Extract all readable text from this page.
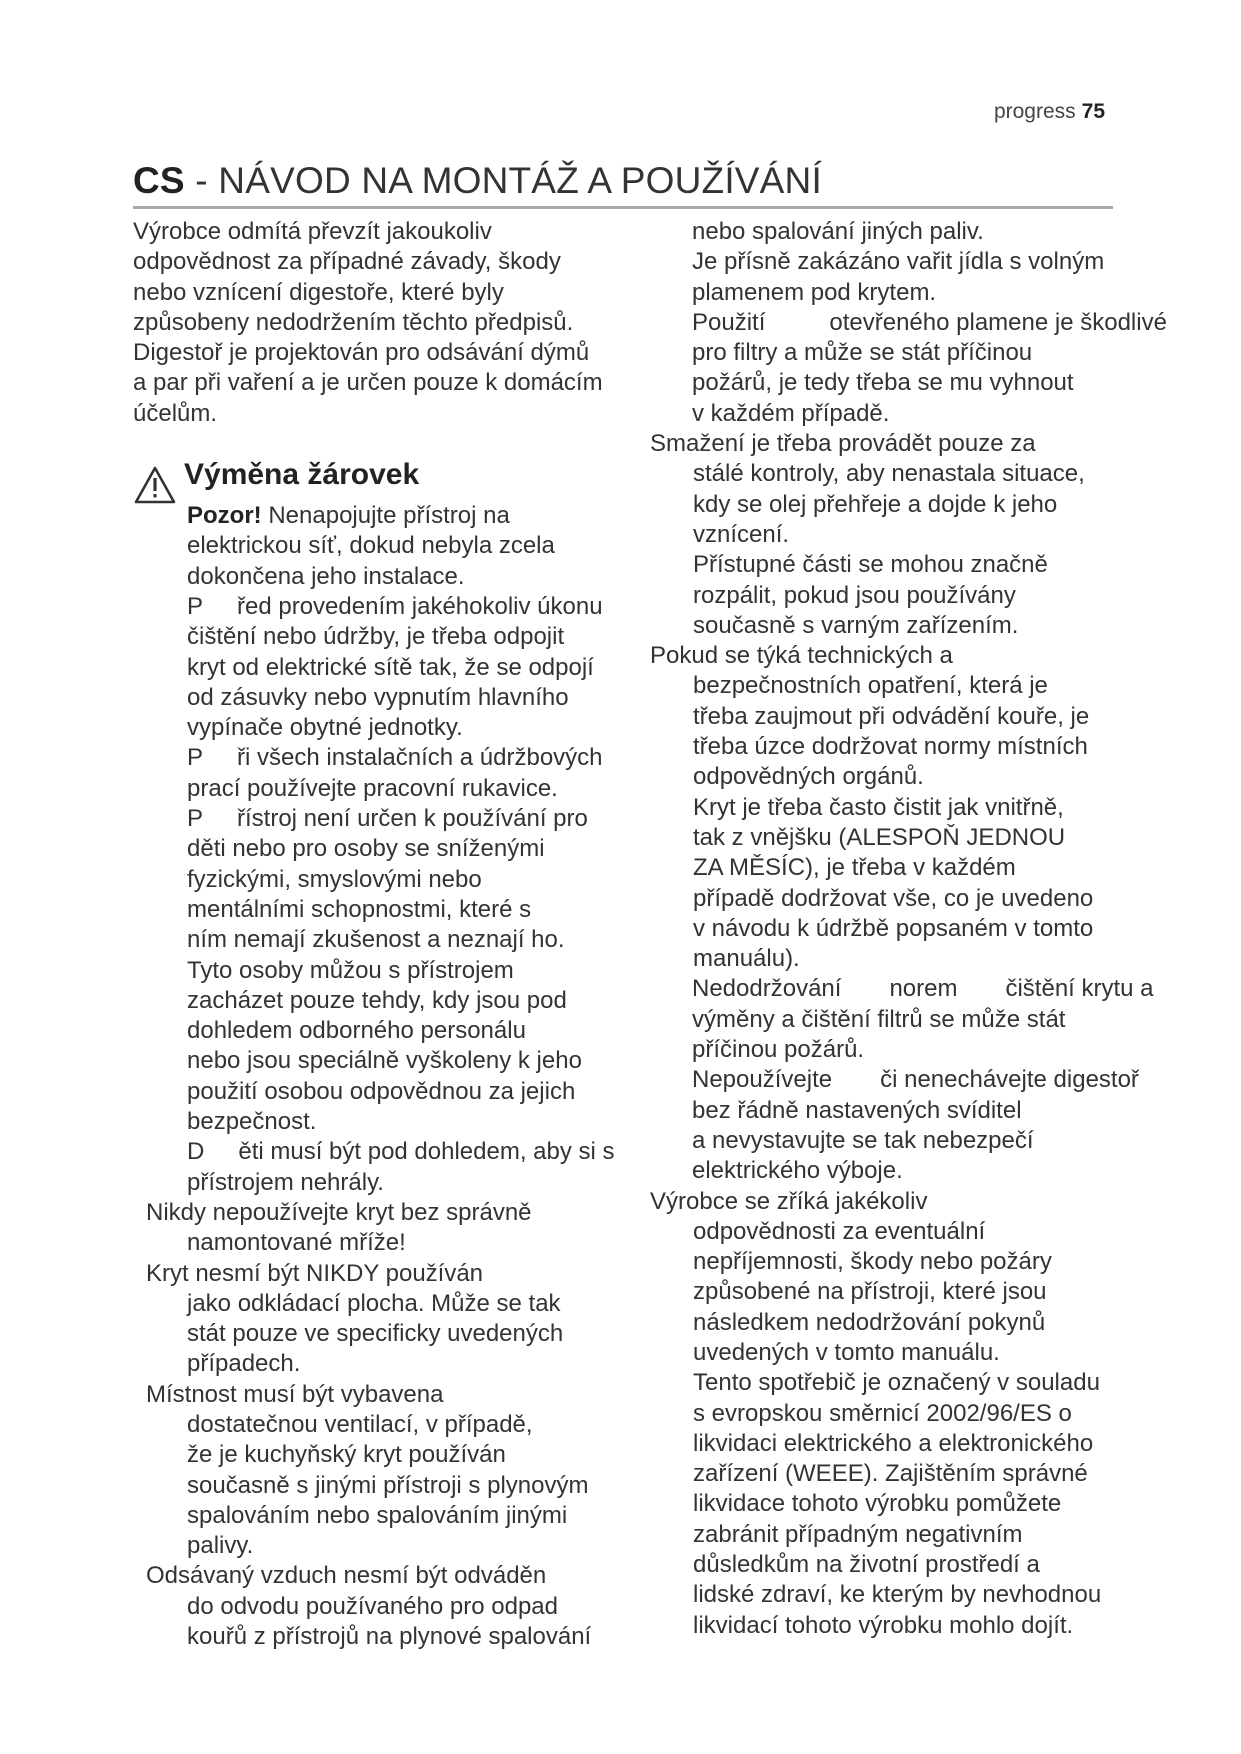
progress 75
CS - NÁVOD NA MONTÁŽ A POUŽÍVÁNÍ
Výrobce odmítá převzít jakoukoliv
odpovědnost za případné závady, škody
nebo vznícení digestoře, které byly
způsobeny nedodržením těchto předpisů.
Digestoř je projektován pro odsávání dýmů
a par při vaření a je určen pouze k domácím
účelům.
Výměna žárovek
Pozor! Nenapojujte přístroj na
elektrickou síť, dokud nebyla zcela
dokončena jeho instalace.
P řed provedením jakéhokoliv úkonu
čištění nebo údržby, je třeba odpojit
kryt od elektrické sítě tak, že se odpojí
od zásuvky nebo vypnutím hlavního
vypínače obytné jednotky.
P ři všech instalačních a údržbových
prací používejte pracovní rukavice.
P řístroj není určen k používání pro
děti nebo pro osoby se sníženými
fyzickými, smyslovými nebo
mentálními schopnostmi, které s
ním nemají zkušenost a neznají ho.
Tyto osoby můžou s přístrojem
zacházet pouze tehdy, kdy jsou pod
dohledem odborného personálu
nebo jsou speciálně vyškoleny k jeho
použití osobou odpovědnou za jejich
bezpečnost.
D ěti musí být pod dohledem, aby si s
přístrojem nehrály.
Nikdy nepoužívejte kryt bez správně
namontované mříže!
Kryt nesmí být NIKDY používán
jako odkládací plocha. Může se tak
stát pouze ve specificky uvedených
případech.
Místnost musí být vybavena
dostatečnou ventilací, v případě,
že je kuchyňský kryt používán
současně s jinými přístroji s plynovým
spalováním nebo spalováním jinými
palivy.
Odsávaný vzduch nesmí být odváděn
do odvodu používaného pro odpad
kouřů z přístrojů na plynové spalování
nebo spalování jiných paliv.
Je přísně zakázáno vařit jídla s volným
plamenem pod krytem.
Použití	otevřeného plamene je škodlivé
pro filtry a může se stát příčinou
požárů, je tedy třeba se mu vyhnout
v každém případě.
Smažení je třeba provádět pouze za
stálé kontroly, aby nenastala situace,
kdy se olej přehřeje a dojde k jeho
vznícení.
Přístupné části se mohou značně
rozpálit, pokud jsou používány
současně s varným zařízením.
Pokud se týká technických a
bezpečnostních opatření, která je
třeba zaujmout při odvádění kouře, je
třeba úzce dodržovat normy místních
odpovědných orgánů.
Kryt je třeba často čistit jak vnitřně,
tak z vnějšku (ALESPOŇ JEDNOU
ZA MĚSÍC), je třeba v každém
případě dodržovat vše, co je uvedeno
v návodu k údržbě popsaném v tomto
manuálu).
Nedodržování norem čištění krytu a
výměny a čištění filtrů se může stát
příčinou požárů.
Nepoužívejte či nenechávejte digestoř
bez řádně nastavených svíditel
a nevystavujte se tak nebezpečí
elektrického výboje.
Výrobce se zříká jakékoliv
odpovědnosti za eventuální
nepříjemnosti, škody nebo požáry
způsobené na přístroji, které jsou
následkem nedodržování pokynů
uvedených v tomto manuálu.
Tento spotřebič je označený v souladu
s evropskou směrnicí 2002/96/ES o
likvidaci elektrického a elektronického
zařízení (WEEE). Zajištěním správné
likvidace tohoto výrobku pomůžete
zabránit případným negativním
důsledkům na životní prostředí a
lidské zdraví, ke kterým by nevhodnou
likvidací tohoto výrobku mohlo dojít.
